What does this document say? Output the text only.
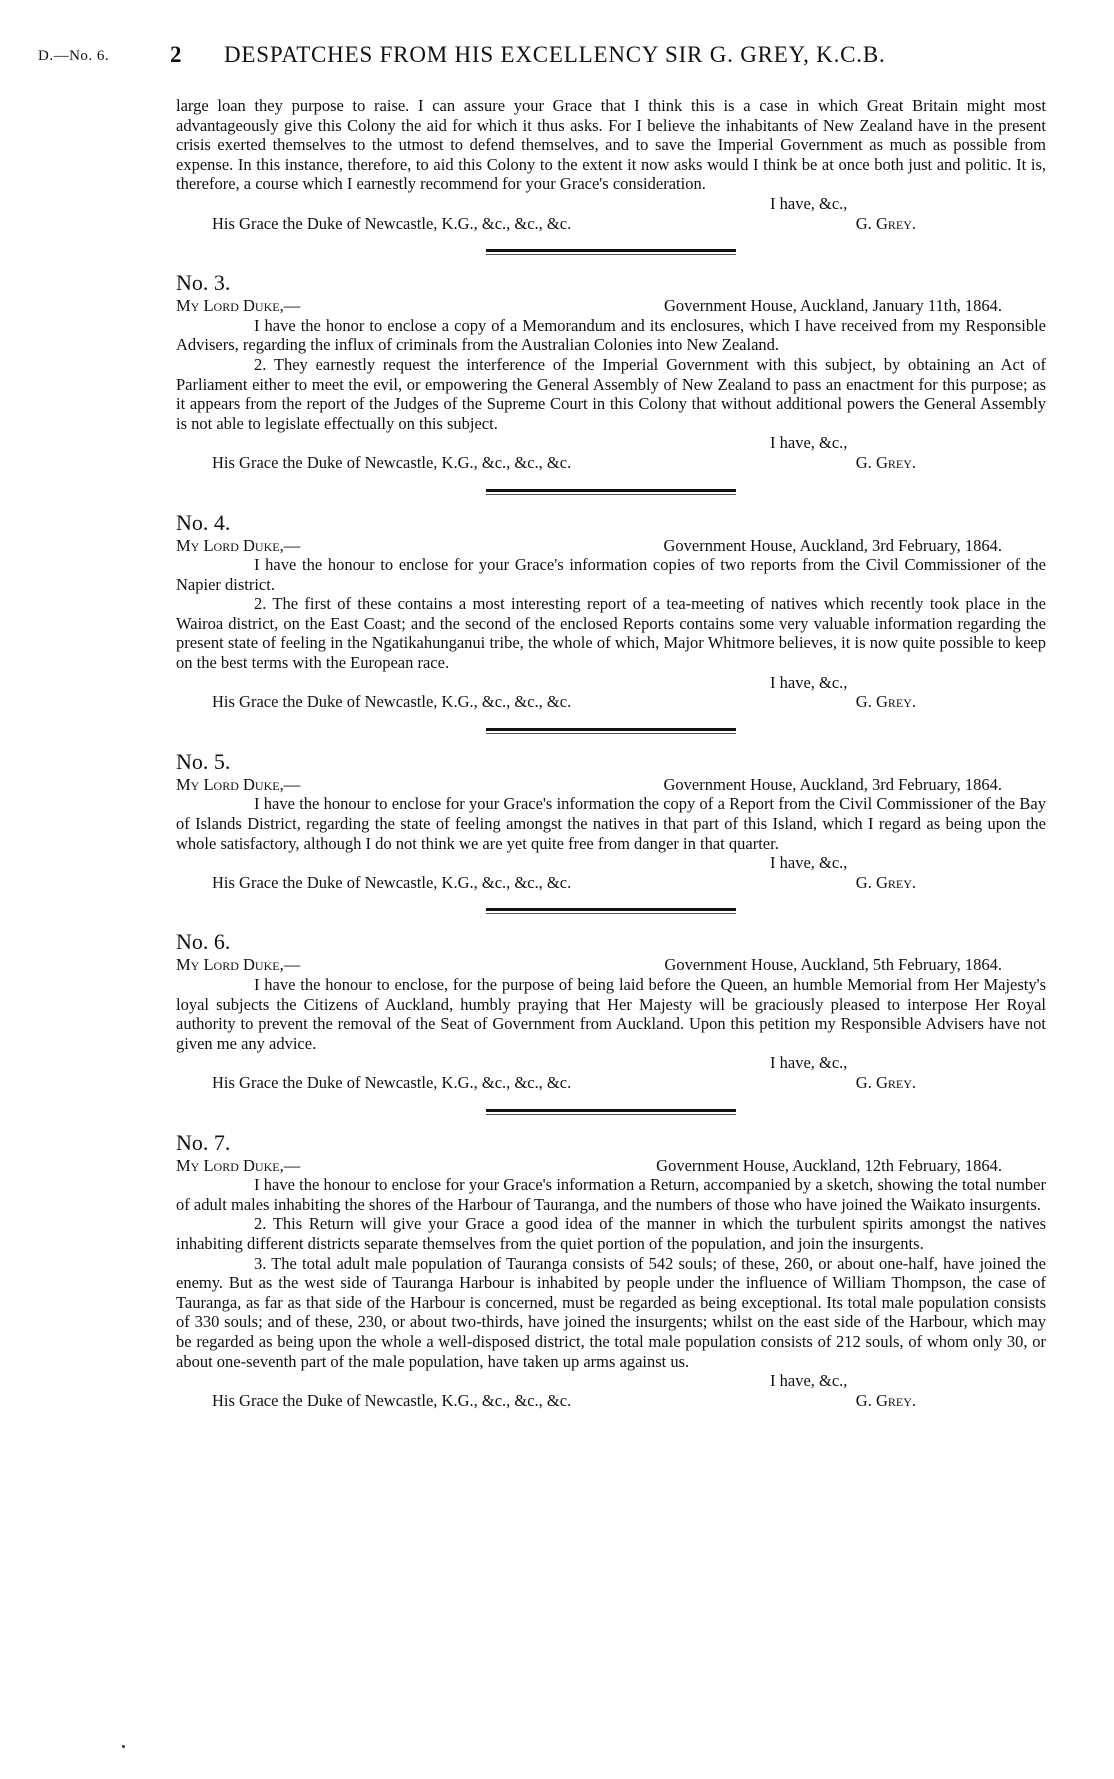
D.—No. 6.	2 DESPATCHES FROM HIS EXCELLENCY SIR G. GREY, K.C.B.

large loan they purpose to raise. I can assure your Grace that I think this is a case in which Great Britain might most advantageously give this Colony the aid for which it thus asks. For I believe the inhabitants of New Zealand have in the present crisis exerted themselves to the utmost to defend themselves, and to save the Imperial Government as much as possible from expense. In this instance, therefore, to aid this Colony to the extent it now asks would I think be at once both just and politic. It is, therefore, a course which I earnestly recommend for your Grace's consideration.

I have, &c.,

His Grace the Duke of Newcastle, K.G., &c., &c., &c.	G. Grey.

No. 3.

My Lord Duke,—	Government House, Auckland, January 11th, 1864.

I have the honor to enclose a copy of a Memorandum and its enclosures, which I have received from my Responsible Advisers, regarding the influx of criminals from the Australian Colonies into New Zealand.

2. They earnestly request the interference of the Imperial Government with this subject, by obtaining an Act of Parliament either to meet the evil, or empowering the General Assembly of New Zealand to pass an enactment for this purpose; as it appears from the report of the Judges of the Supreme Court in this Colony that without additional powers the General Assembly is not able to legislate effectually on this subject.

I have, &c.,

His Grace the Duke of Newcastle, K.G., &c., &c., &c.	G. Grey.

No. 4.

My Lord Duke,—	Government House, Auckland, 3rd February, 1864.

I have the honour to enclose for your Grace's information copies of two reports from the Civil Commissioner of the Napier district.

2. The first of these contains a most interesting report of a tea-meeting of natives which recently took place in the Wairoa district, on the East Coast; and the second of the enclosed Reports contains some very valuable information regarding the present state of feeling in the Ngatikahunganui tribe, the whole of which, Major Whitmore believes, it is now quite possible to keep on the best terms with the European race.

I have, &c.,

His Grace the Duke of Newcastle, K.G., &c., &c., &c.	G. Grey.

No. 5.

My Lord Duke,—	Government House, Auckland, 3rd February, 1864.

I have the honour to enclose for your Grace's information the copy of a Report from the Civil Commissioner of the Bay of Islands District, regarding the state of feeling amongst the natives in that part of this Island, which I regard as being upon the whole satisfactory, although I do not think we are yet quite free from danger in that quarter.

I have, &c.,

His Grace the Duke of Newcastle, K.G., &c., &c., &c.	G. Grey.

No. 6.

My Lord Duke,—	Government House, Auckland, 5th February, 1864.

I have the honour to enclose, for the purpose of being laid before the Queen, an humble Memorial from Her Majesty's loyal subjects the Citizens of Auckland, humbly praying that Her Majesty will be graciously pleased to interpose Her Royal authority to prevent the removal of the Seat of Government from Auckland. Upon this petition my Responsible Advisers have not given me any advice.

I have, &c.,

His Grace the Duke of Newcastle, K.G., &c., &c., &c.	G. Grey.

No. 7.

My Lord Duke,—	Government House, Auckland, 12th February, 1864.

I have the honour to enclose for your Grace's information a Return, accompanied by a sketch, showing the total number of adult males inhabiting the shores of the Harbour of Tauranga, and the numbers of those who have joined the Waikato insurgents.

2. This Return will give your Grace a good idea of the manner in which the turbulent spirits amongst the natives inhabiting different districts separate themselves from the quiet portion of the population, and join the insurgents.

3. The total adult male population of Tauranga consists of 542 souls; of these, 260, or about one-half, have joined the enemy. But as the west side of Tauranga Harbour is inhabited by people under the influence of William Thompson, the case of Tauranga, as far as that side of the Harbour is concerned, must be regarded as being exceptional. Its total male population consists of 330 souls; and of these, 230, or about two-thirds, have joined the insurgents; whilst on the east side of the Harbour, which may be regarded as being upon the whole a well-disposed district, the total male population consists of 212 souls, of whom only 30, or about one-seventh part of the male population, have taken up arms against us.

I have, &c.,

His Grace the Duke of Newcastle, K.G., &c., &c., &c.	G. Grey.
